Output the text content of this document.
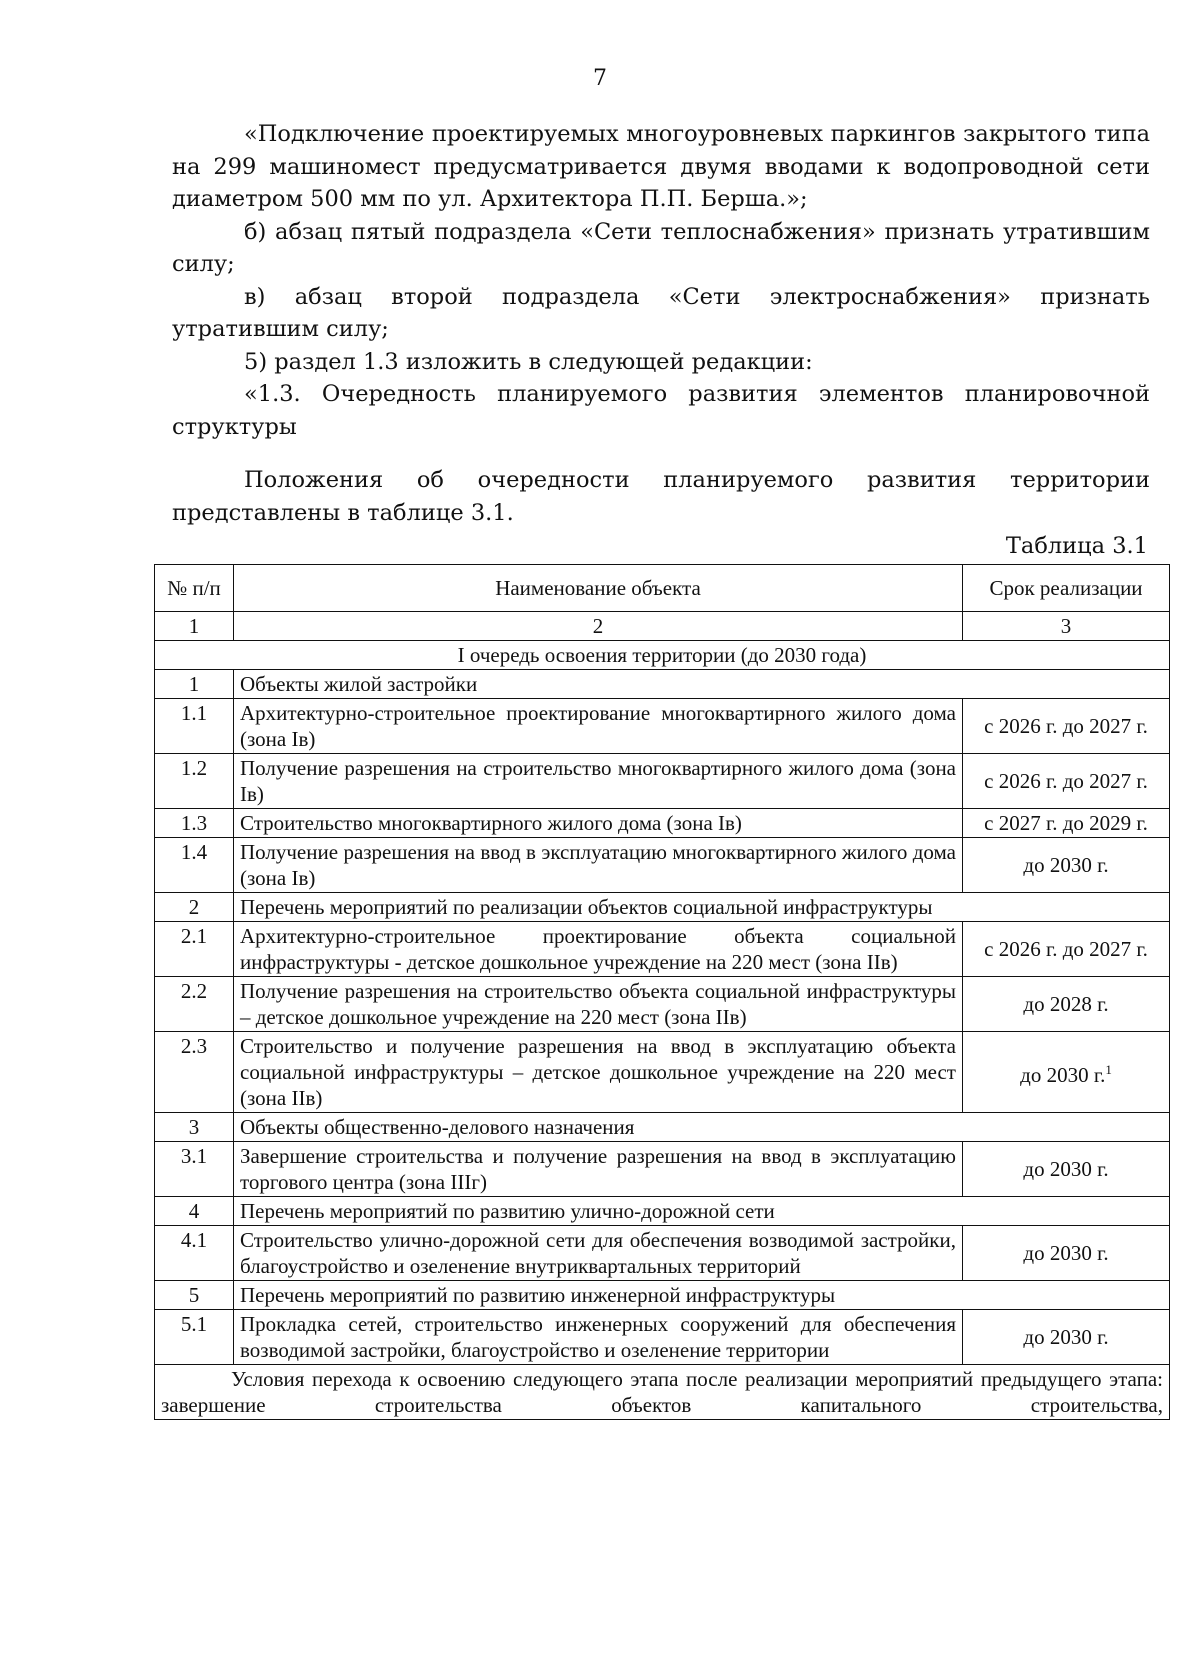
7

«Подключение проектируемых многоуровневых паркингов закрытого типа на 299 машиномест предусматривается двумя вводами к водопроводной сети диаметром 500 мм по ул. Архитектора П.П. Берша.»;

б) абзац пятый подраздела «Сети теплоснабжения» признать утратившим силу;

в) абзац второй подраздела «Сети электроснабжения» признать утратившим силу;

5) раздел 1.3 изложить в следующей редакции:

«1.3. Очередность планируемого развития элементов планировочной структуры

Положения об очередности планируемого развития территории представлены в таблице 3.1.

Таблица 3.1
№ п/п	Наименование объекта	Срок реализации
1	2	3
I очередь освоения территории (до 2030 года)		
1	Объекты жилой застройки	
1.1	Архитектурно-строительное проектирование многоквартирного жилого дома (зона Iв)	с 2026 г. до 2027 г.
1.2	Получение разрешения на строительство многоквартирного жилого дома (зона Iв)	с 2026 г. до 2027 г.
1.3	Строительство многоквартирного жилого дома (зона Iв)	с 2027 г. до 2029 г.
1.4	Получение разрешения на ввод в эксплуатацию многоквартирного жилого дома (зона Iв)	до 2030 г.
2	Перечень мероприятий по реализации объектов социальной инфраструктуры	
2.1	Архитектурно-строительное проектирование объекта социальной инфраструктуры - детское дошкольное учреждение на 220 мест (зона IIв)	с 2026 г. до 2027 г.
2.2	Получение разрешения на строительство объекта социальной инфраструктуры – детское дошкольное учреждение на 220 мест (зона IIв)	до 2028 г.
2.3	Строительство и получение разрешения на ввод в эксплуатацию объекта социальной инфраструктуры – детское дошкольное учреждение на 220 мест (зона IIв)	до 2030 г.$^1$
3	Объекты общественно-делового назначения	
3.1	Завершение строительства и получение разрешения на ввод в эксплуатацию торгового центра (зона IIIг)	до 2030 г.
4	Перечень мероприятий по развитию улично-дорожной сети	
4.1	Строительство улично-дорожной сети для обеспечения возводимой застройки, благоустройство и озеленение внутриквартальных территорий	до 2030 г.
5	Перечень мероприятий по развитию инженерной инфраструктуры	
5.1	Прокладка сетей, строительство инженерных сооружений для обеспечения возводимой застройки, благоустройство и озеленение территории	до 2030 г.
Условия перехода к освоению следующего этапа после реализации мероприятий предыдущего этапа: завершение строительства объектов капитального строительства,		
